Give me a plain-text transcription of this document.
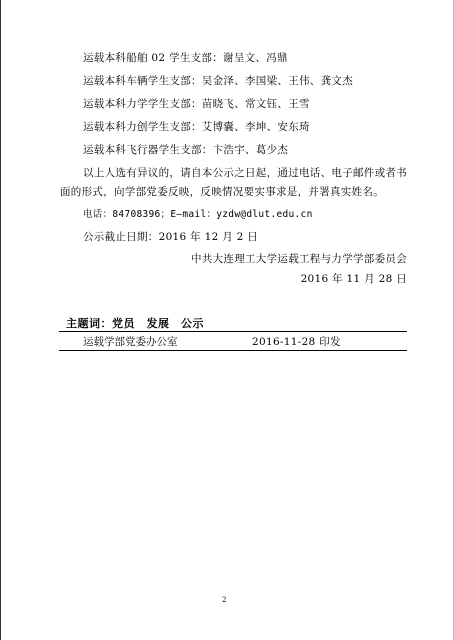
运载本科船舶 02 学生支部：谢呈文、冯鼎
运载本科车辆学生支部：吴金泽、李国梁、王伟、龚文杰
运载本科力学学生支部：苗晓飞、常文钰、王雪
运载本科力创学生支部：艾博囊、李坤、安东琦
运载本科飞行器学生支部：卞浩宇、葛少杰
以上人选有异议的，请自本公示之日起，通过电话、电子邮件或者书
面的形式，向学部党委反映，反映情况要实事求是，并署真实姓名。
电话：84708396；E—mail：yzdw@dlut.edu.cn
公示截止日期：2016 年 12 月 2 日
中共大连理工大学运载工程与力学学部委员会
2016 年 11 月 28 日
主题词：党员　发展　公示
运载学部党委办公室	2016-11-28 印发
2
